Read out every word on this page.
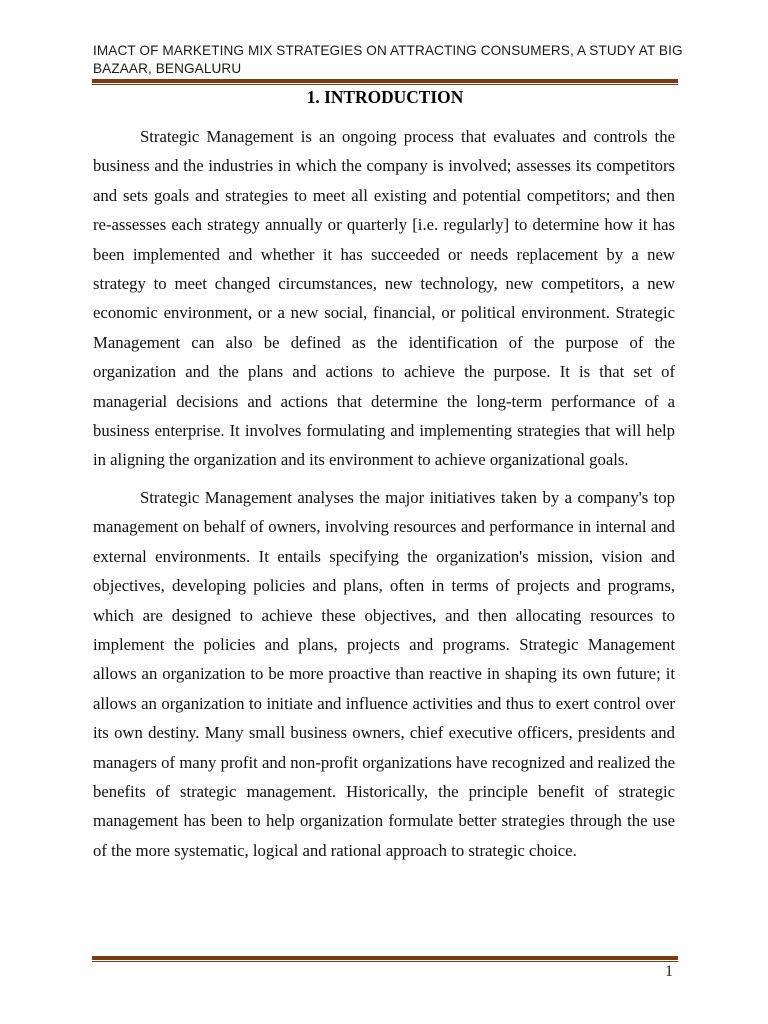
IMACT OF MARKETING MIX STRATEGIES ON ATTRACTING CONSUMERS, A STUDY AT BIG BAZAAR, BENGALURU
1. INTRODUCTION

Strategic Management is an ongoing process that evaluates and controls the business and the industries in which the company is involved; assesses its competitors and sets goals and strategies to meet all existing and potential competitors; and then re-assesses each strategy annually or quarterly [i.e. regularly] to determine how it has been implemented and whether it has succeeded or needs replacement by a new strategy to meet changed circumstances, new technology, new competitors, a new economic environment, or a new social, financial, or political environment. Strategic Management can also be defined as the identification of the purpose of the organization and the plans and actions to achieve the purpose. It is that set of managerial decisions and actions that determine the long-term performance of a business enterprise. It involves formulating and implementing strategies that will help in aligning the organization and its environment to achieve organizational goals.

Strategic Management analyses the major initiatives taken by a company's top management on behalf of owners, involving resources and performance in internal and external environments. It entails specifying the organization's mission, vision and objectives, developing policies and plans, often in terms of projects and programs, which are designed to achieve these objectives, and then allocating resources to implement the policies and plans, projects and programs. Strategic Management allows an organization to be more proactive than reactive in shaping its own future; it allows an organization to initiate and influence activities and thus to exert control over its own destiny. Many small business owners, chief executive officers, presidents and managers of many profit and non-profit organizations have recognized and realized the benefits of strategic management. Historically, the principle benefit of strategic management has been to help organization formulate better strategies through the use of the more systematic, logical and rational approach to strategic choice.

1
